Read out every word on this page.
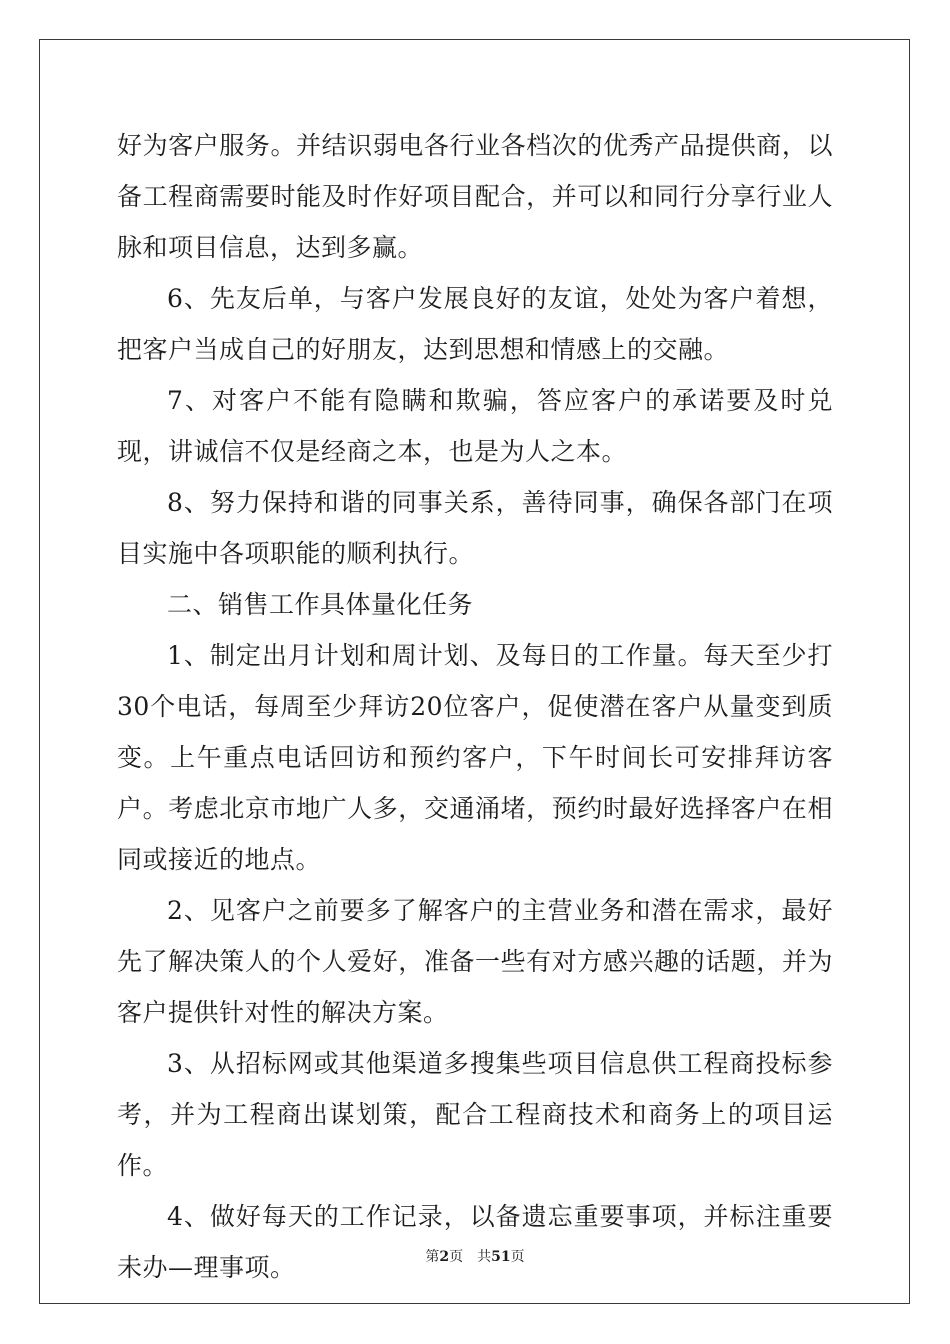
好为客户服务。并结识弱电各行业各档次的优秀产品提供商，以备工程商需要时能及时作好项目配合，并可以和同行分享行业人脉和项目信息，达到多赢。

6、先友后单，与客户发展良好的友谊，处处为客户着想，把客户当成自己的好朋友，达到思想和情感上的交融。

7、对客户不能有隐瞒和欺骗，答应客户的承诺要及时兑现，讲诚信不仅是经商之本，也是为人之本。

8、努力保持和谐的同事关系，善待同事，确保各部门在项目实施中各项职能的顺利执行。

二、销售工作具体量化任务

1、制定出月计划和周计划、及每日的工作量。每天至少打30个电话，每周至少拜访20位客户，促使潜在客户从量变到质变。上午重点电话回访和预约客户，下午时间长可安排拜访客户。考虑北京市地广人多，交通涌堵，预约时最好选择客户在相同或接近的地点。

2、见客户之前要多了解客户的主营业务和潜在需求，最好先了解决策人的个人爱好，准备一些有对方感兴趣的话题，并为客户提供针对性的解决方案。

3、从招标网或其他渠道多搜集些项目信息供工程商投标参考，并为工程商出谋划策，配合工程商技术和商务上的项目运作。

4、做好每天的工作记录，以备遗忘重要事项，并标注重要未办—理事项。	第2页 共51页
